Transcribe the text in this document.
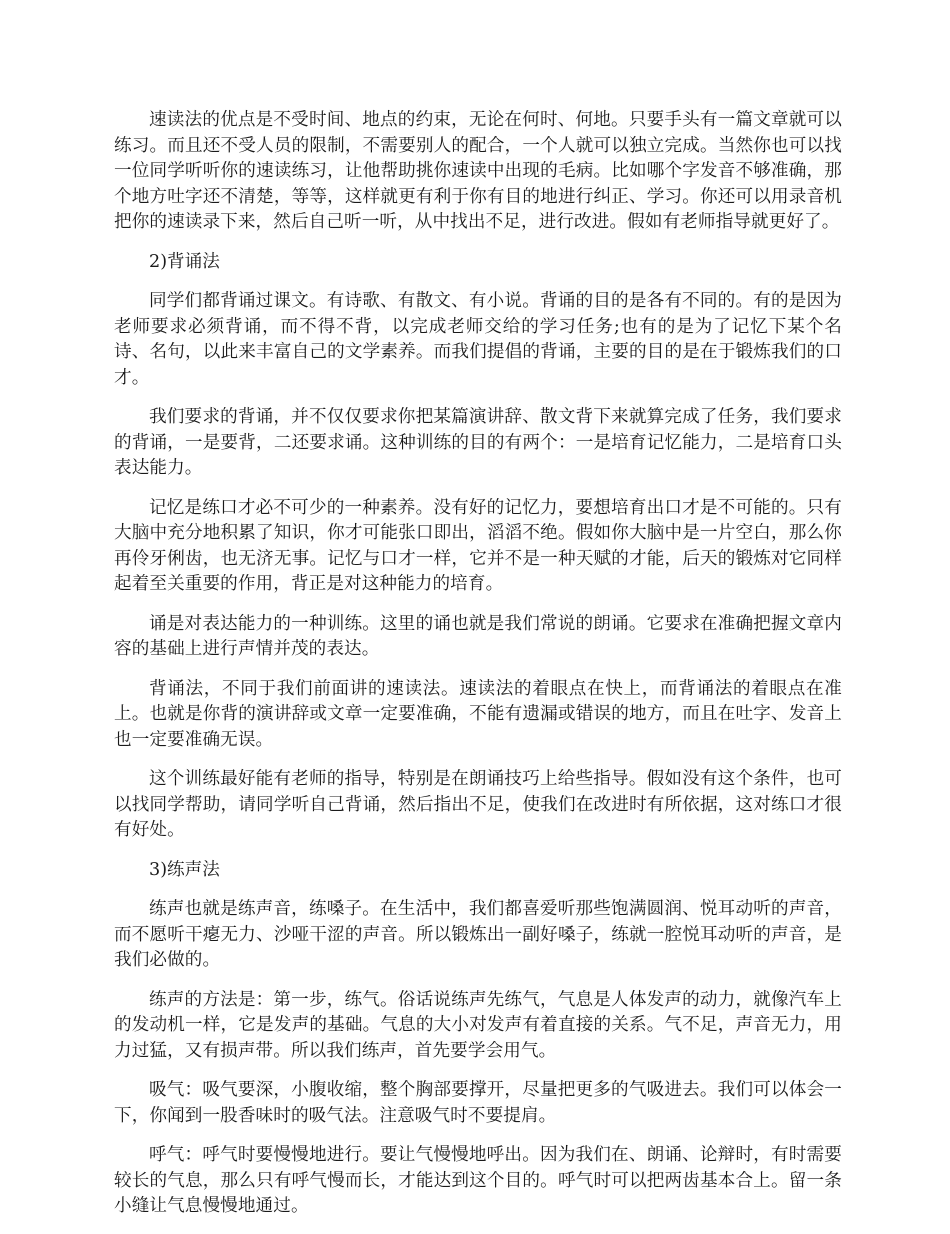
速读法的优点是不受时间、地点的约束，无论在何时、何地。只要手头有一篇文章就可以练习。而且还不受人员的限制，不需要别人的配合，一个人就可以独立完成。当然你也可以找一位同学听听你的速读练习，让他帮助挑你速读中出现的毛病。比如哪个字发音不够准确，那个地方吐字还不清楚，等等，这样就更有利于你有目的地进行纠正、学习。你还可以用录音机把你的速读录下来，然后自己听一听，从中找出不足，进行改进。假如有老师指导就更好了。

2)背诵法

同学们都背诵过课文。有诗歌、有散文、有小说。背诵的目的是各有不同的。有的是因为老师要求必须背诵，而不得不背，以完成老师交给的学习任务;也有的是为了记忆下某个名诗、名句，以此来丰富自己的文学素养。而我们提倡的背诵，主要的目的是在于锻炼我们的口才。

我们要求的背诵，并不仅仅要求你把某篇演讲辞、散文背下来就算完成了任务，我们要求的背诵，一是要背，二还要求诵。这种训练的目的有两个：一是培育记忆能力，二是培育口头表达能力。

记忆是练口才必不可少的一种素养。没有好的记忆力，要想培育出口才是不可能的。只有大脑中充分地积累了知识，你才可能张口即出，滔滔不绝。假如你大脑中是一片空白，那么你再伶牙俐齿，也无济无事。记忆与口才一样，它并不是一种天赋的才能，后天的锻炼对它同样起着至关重要的作用，背正是对这种能力的培育。

诵是对表达能力的一种训练。这里的诵也就是我们常说的朗诵。它要求在准确把握文章内容的基础上进行声情并茂的表达。

背诵法，不同于我们前面讲的速读法。速读法的着眼点在快上，而背诵法的着眼点在准上。也就是你背的演讲辞或文章一定要准确，不能有遗漏或错误的地方，而且在吐字、发音上也一定要准确无误。

这个训练最好能有老师的指导，特别是在朗诵技巧上给些指导。假如没有这个条件，也可以找同学帮助，请同学听自己背诵，然后指出不足，使我们在改进时有所依据，这对练口才很有好处。

3)练声法

练声也就是练声音，练嗓子。在生活中，我们都喜爱听那些饱满圆润、悦耳动听的声音，而不愿听干瘪无力、沙哑干涩的声音。所以锻炼出一副好嗓子，练就一腔悦耳动听的声音，是我们必做的。

练声的方法是：第一步，练气。俗话说练声先练气，气息是人体发声的动力，就像汽车上的发动机一样，它是发声的基础。气息的大小对发声有着直接的关系。气不足，声音无力，用力过猛，又有损声带。所以我们练声，首先要学会用气。

吸气：吸气要深，小腹收缩，整个胸部要撑开，尽量把更多的气吸进去。我们可以体会一下，你闻到一股香味时的吸气法。注意吸气时不要提肩。

呼气：呼气时要慢慢地进行。要让气慢慢地呼出。因为我们在、朗诵、论辩时，有时需要较长的气息，那么只有呼气慢而长，才能达到这个目的。呼气时可以把两齿基本合上。留一条小缝让气息慢慢地通过。
